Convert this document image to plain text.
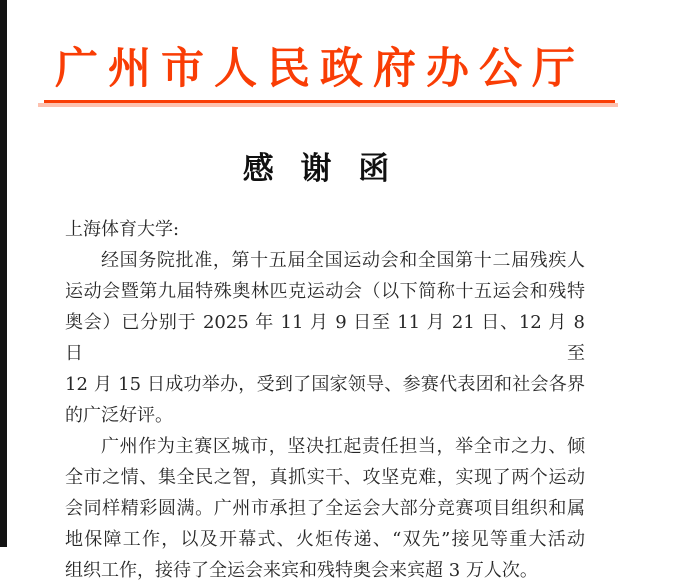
广州市人民政府办公厅
感 谢 函
上海体育大学:
经国务院批准，第十五届全国运动会和全国第十二届残疾人
运动会暨第九届特殊奥林匹克运动会（以下简称十五运会和残特
奥会）已分别于 2025 年 11 月 9 日至 11 月 21 日、12 月 8 日至
12 月 15 日成功举办，受到了国家领导、参赛代表团和社会各界
的广泛好评。
广州作为主赛区城市，坚决扛起责任担当，举全市之力、倾
全市之情、集全民之智，真抓实干、攻坚克难，实现了两个运动
会同样精彩圆满。广州市承担了全运会大部分竞赛项目组织和属
地保障工作，以及开幕式、火炬传递、“双先”接见等重大活动
组织工作，接待了全运会来宾和残特奥会来宾超 3 万人次。
